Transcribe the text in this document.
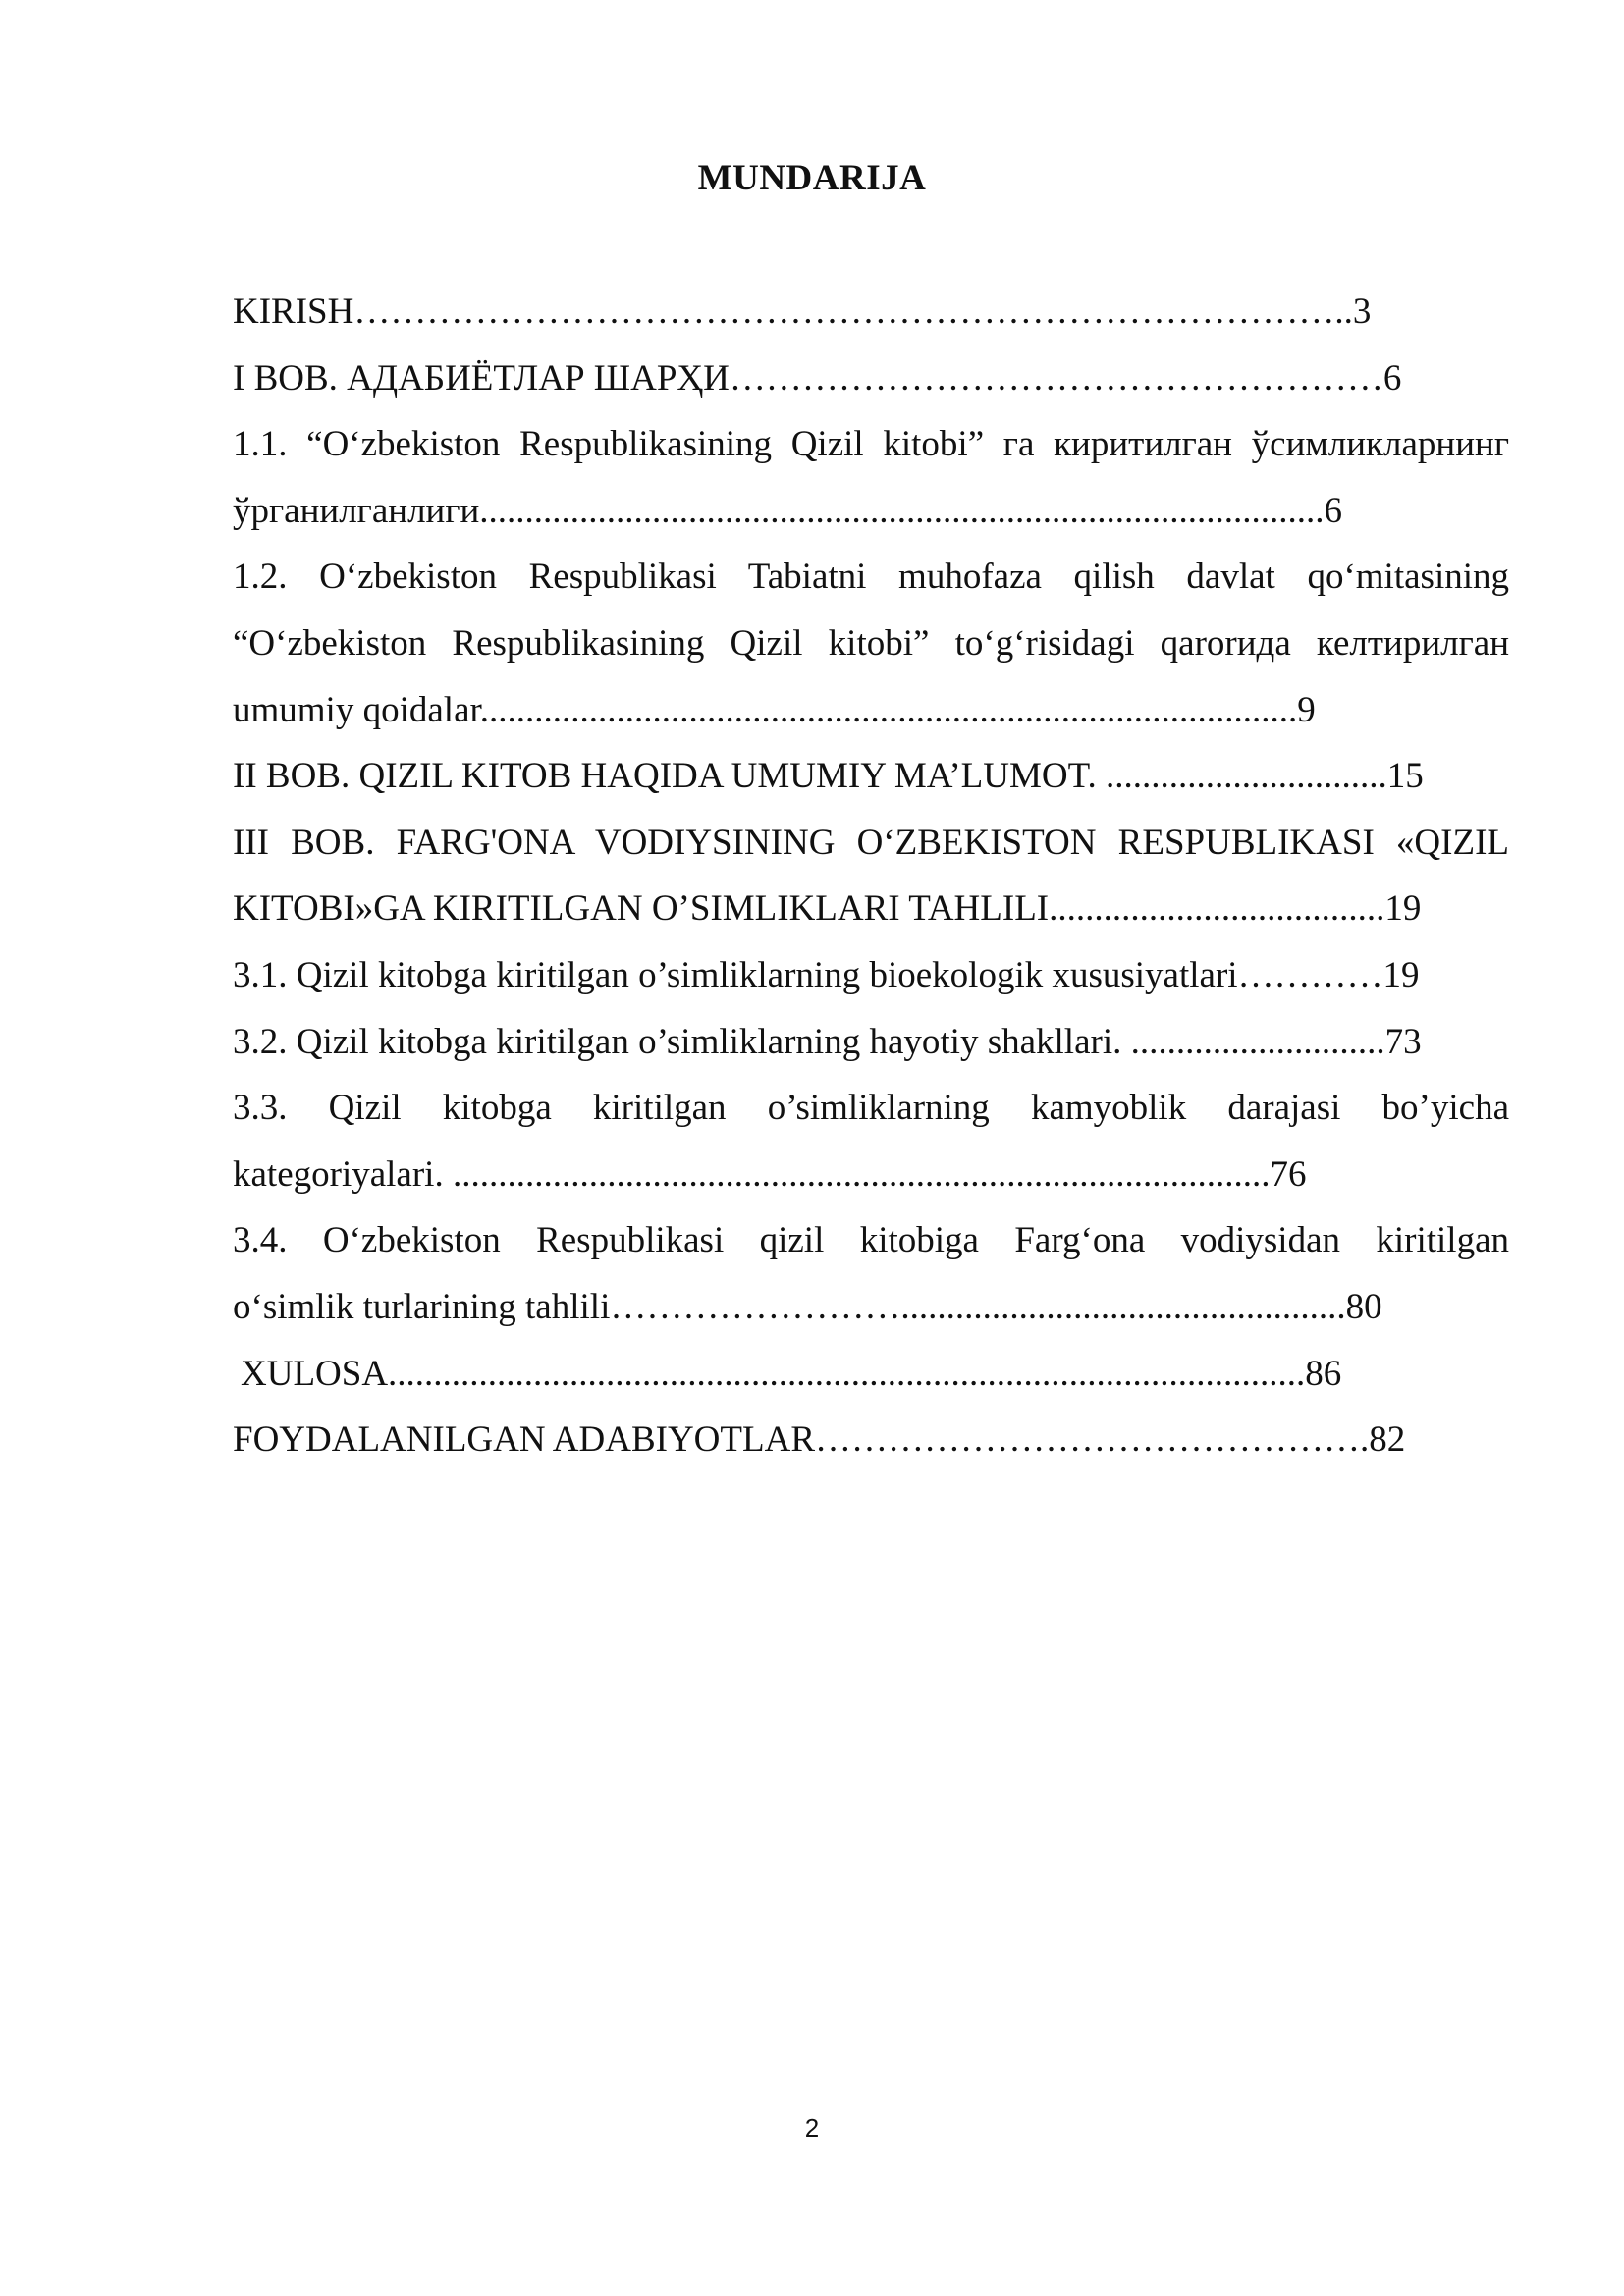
MUNDARIJA
KIRISH………………………………………………………………………..3
I BOB. АДАБИЁТЛАР ШАРҲИ………………………………………………6
1.1. “O‘zbekiston Respublikasining Qizil kitobi” га киритилган ўсимликларнинг
ўрганилганлиги.............................................................................................6
1.2. O‘zbekiston Respublikasi Tabiatni muhofaza qilish davlat qo‘mitasining
“O‘zbekiston Respublikasining Qizil kitobi” to‘g‘risidagi qarorида келтирилган
umumiy qoidalar..........................................................................................9
II BOB. QIZIL KITOB HAQIDA UMUMIY MA’LUMOT. ...............................15
III BOB. FARG'ONA VODIYSINING O‘ZBEKISTON RESPUBLIKASI «QIZIL
KITOBI»GA KIRITILGAN O’SIMLIKLARI TAHLILI.....................................19
3.1. Qizil kitobga kiritilgan o’simliklarning bioekologik xususiyatlari…………19
3.2. Qizil kitobga kiritilgan o’simliklarning hayotiy shakllari. ............................73
3.3. Qizil kitobga kiritilgan o’simliklarning kamyoblik darajasi bo’yicha
kategoriyalari. ..........................................................................................76
3.4. O‘zbekiston Respublikasi qizil kitobiga Farg‘ona vodiysidan kiritilgan
o‘simlik turlarining tahlili…………………….................................................80
XULOSA.....................................................................................................86
FOYDALANILGAN ADABIYOTLAR……………………………………….82
2
